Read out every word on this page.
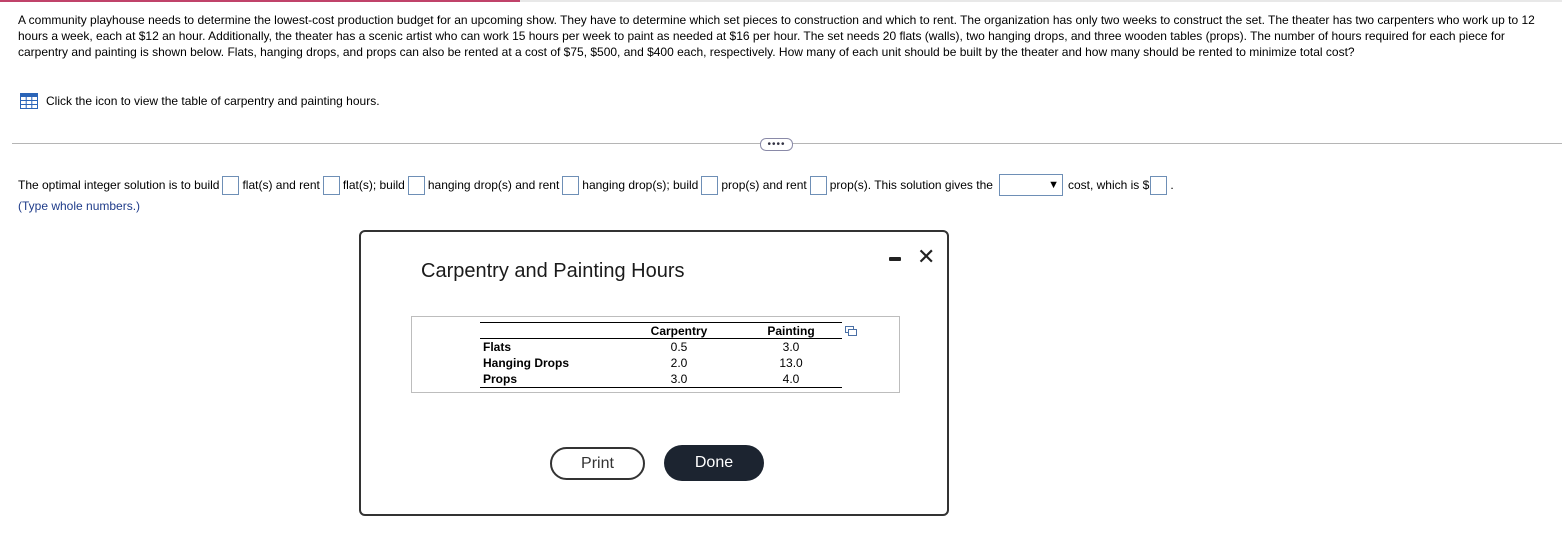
A community playhouse needs to determine the lowest-cost production budget for an upcoming show. They have to determine which set pieces to construction and which to rent. The organization has only two weeks to construct the set. The theater has two carpenters who work up to 12 hours a week, each at $12 an hour. Additionally, the theater has a scenic artist who can work 15 hours per week to paint as needed at $16 per hour. The set needs 20 flats (walls), two hanging drops, and three wooden tables (props). The number of hours required for each piece for carpentry and painting is shown below. Flats, hanging drops, and props can also be rented at a cost of $75, $500, and $400 each, respectively. How many of each unit should be built by the theater and how many should be rented to minimize total cost?
Click the icon to view the table of carpentry and painting hours.
••••
The optimal integer solution is to build flat(s) and rent flat(s); build hanging drop(s) and rent hanging drop(s); build prop(s) and rent prop(s). This solution gives the	▼ cost, which is $ .
(Type whole numbers.)
Carpentry and Painting Hours
✕
	Carpentry	Painting
Flats	0.5	3.0
Hanging Drops	2.0	13.0
Props	3.0	4.0
Print	Done
